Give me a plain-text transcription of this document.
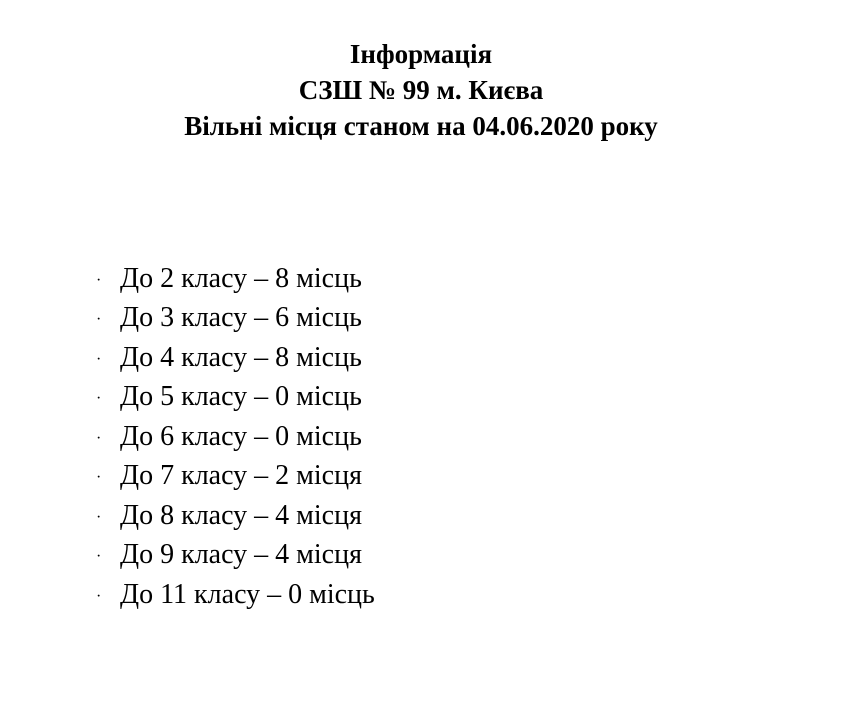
Інформація
СЗШ № 99 м. Києва
Вільні місця станом на 04.06.2020 року
· До 2 класу – 8 місць
· До 3 класу – 6 місць
· До 4 класу – 8 місць
· До 5 класу – 0 місць
· До 6 класу – 0 місць
· До 7 класу – 2 місця
· До 8 класу – 4 місця
· До 9 класу – 4 місця
· До 11 класу – 0 місць
